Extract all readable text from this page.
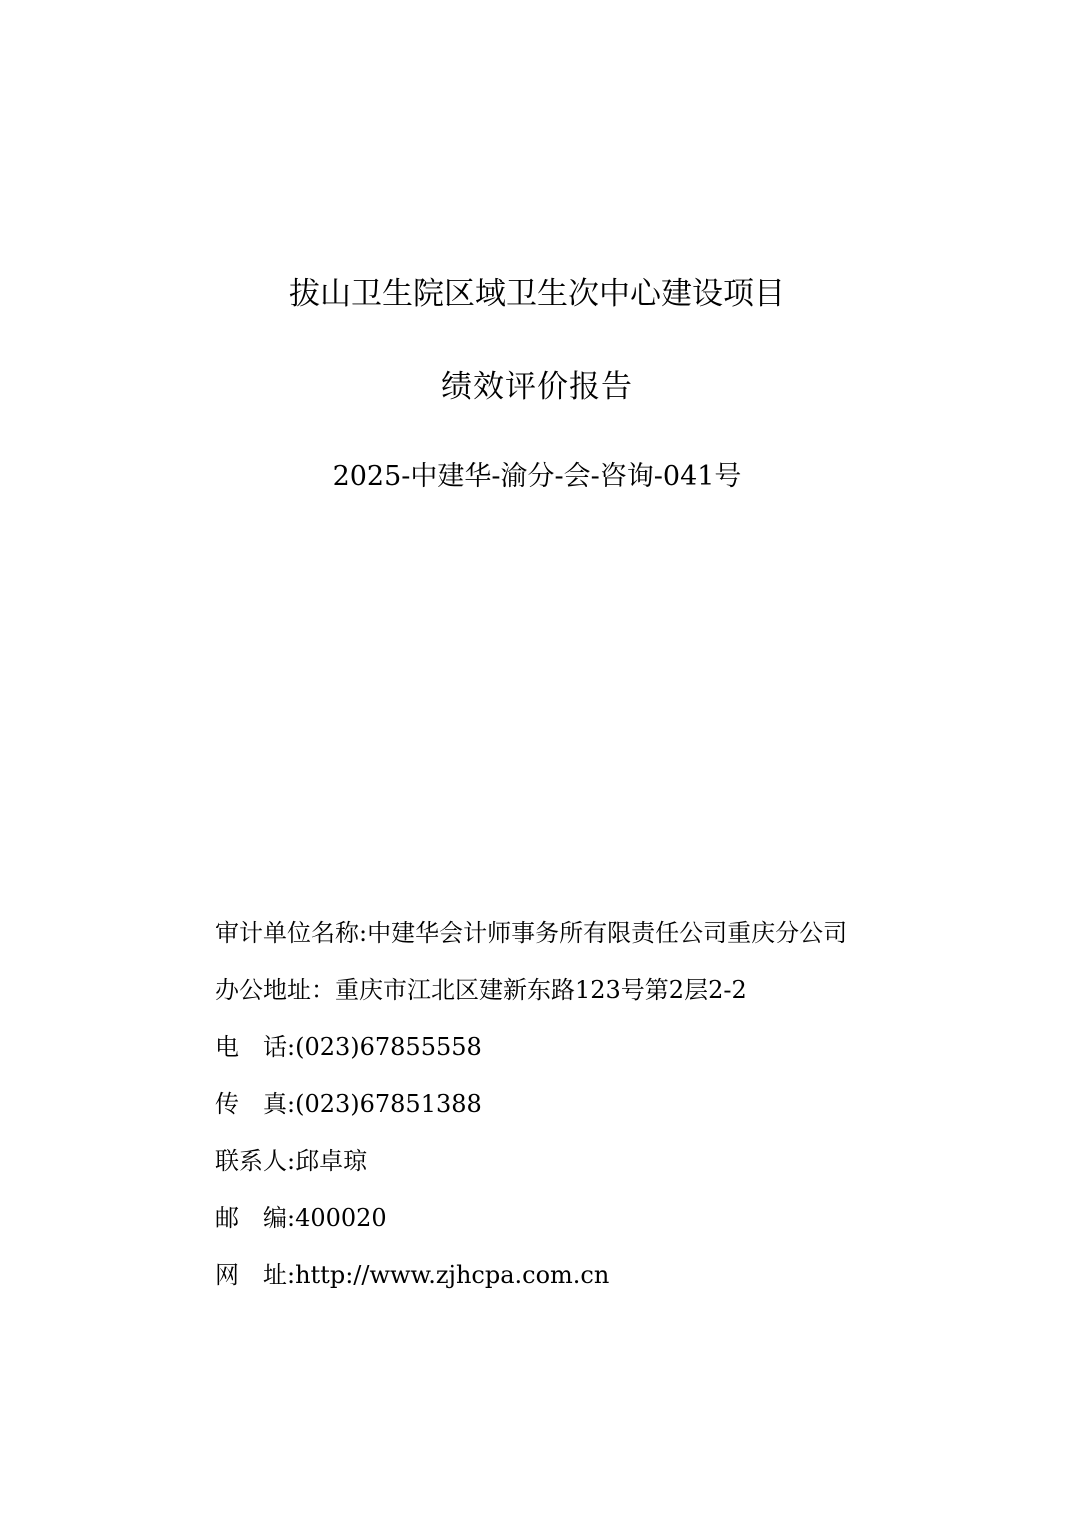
拔山卫生院区域卫生次中心建设项目
绩效评价报告
2025-中建华-渝分-会-咨询-041号
审计单位名称:中建华会计师事务所有限责任公司重庆分公司
办公地址：重庆市江北区建新东路123号第2层2-2
电　话:(023)67855558
传　真:(023)67851388
联系人:邱卓琼
邮　编:400020
网　址:http://www.zjhcpa.com.cn
